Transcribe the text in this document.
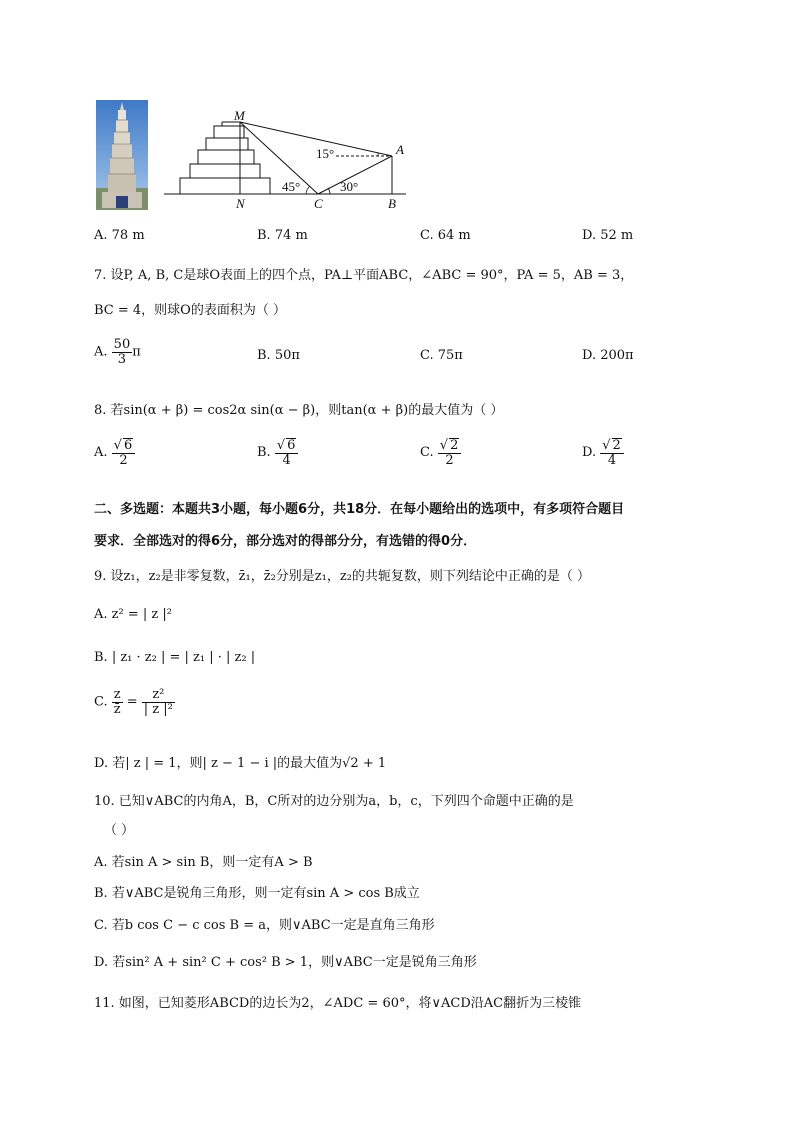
M
A
N	C	B
15°
45°	30°
A. 78 m	B. 74 m	C. 64 m	D. 52 m
7. 设P, A, B, C是球O表面上的四个点，PA⊥平面ABC，∠ABC = 90°，PA = 5，AB = 3，
BC = 4，则球O的表面积为（ ）
A. $\frac{50}{3}$ π	B. 50π	C. 75π	D. 200π
8. 若sin(α + β) = cos2α sin(α − β)，则tan(α + β)的最大值为（ ）
A. $\frac{√ 6}{2}$	B. $\frac{√ 6}{4}$	C. $\frac{√ 2}{2}$	D. $\frac{√ 2}{4}$
二、多选题：本题共3小题，每小题6分，共18分．在每小题给出的选项中，有多项符合题目
要求．全部选对的得6分，部分选对的得部分分，有选错的得0分．
9. 设z₁，z₂是非零复数，z̄₁，z̄₂分别是z₁，z₂的共轭复数，则下列结论中正确的是（ ）
A. z² = | z |²
B. | z₁ · z₂ | = | z₁ | · | z₂ |
C. $\frac{z}{z̄} = \frac{\text{z²}}{\text{| z |²}}$
D. 若| z | = 1，则| z − 1 − i |的最大值为√2 + 1
10. 已知∨ABC的内角A，B，C所对的边分别为a，b，c，下列四个命题中正确的是
（ ）
A. 若sin A > sin B，则一定有A > B
B. 若∨ABC是锐角三角形，则一定有sin A > cos B成立
C. 若b cos C − c cos B = a，则∨ABC一定是直角三角形
D. 若sin² A + sin² C + cos² B > 1，则∨ABC一定是锐角三角形
11. 如图，已知菱形ABCD的边长为2，∠ADC = 60°，将∨ACD沿AC翻折为三棱锥
